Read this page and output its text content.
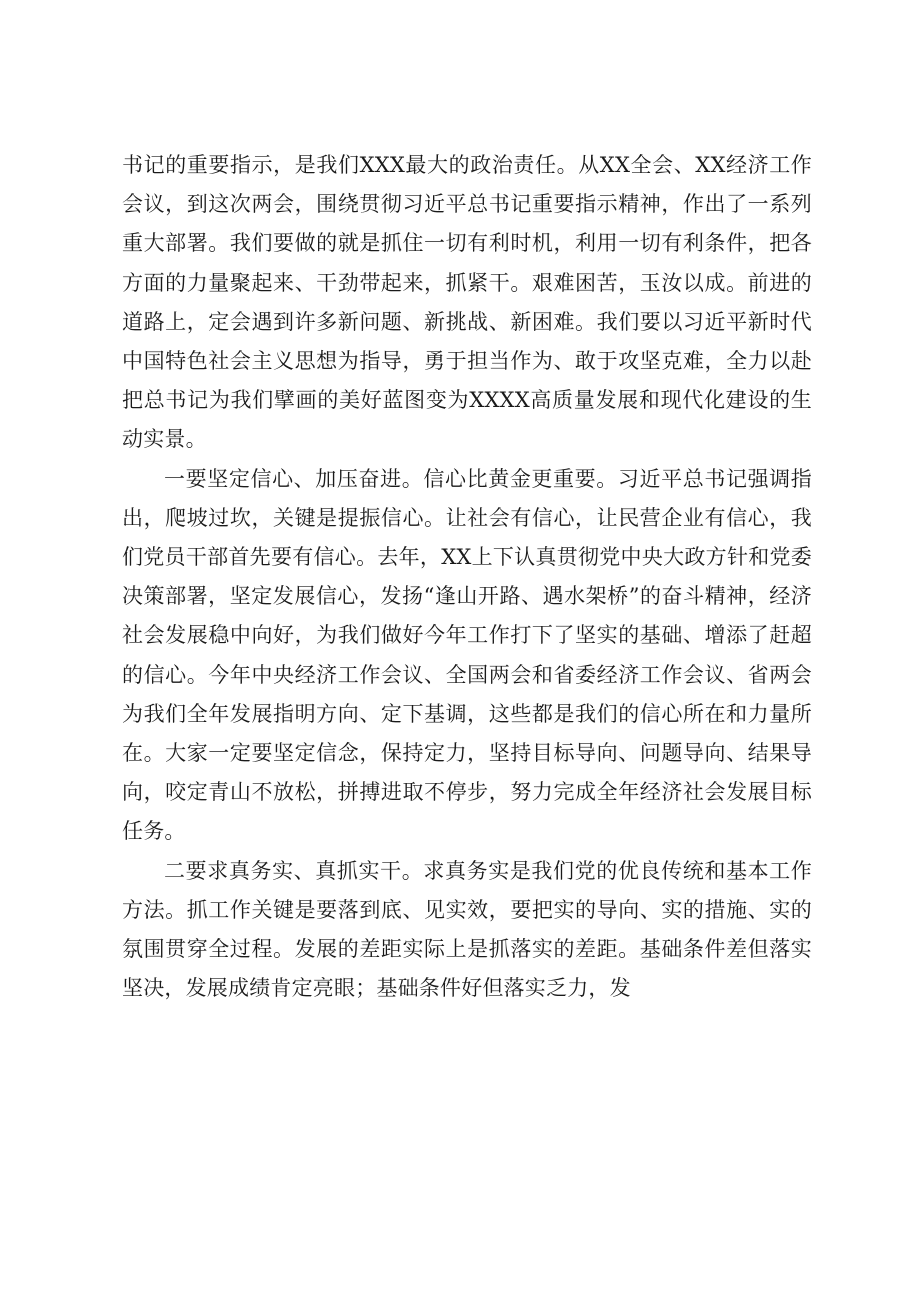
书记的重要指示，是我们XXX最大的政治责任。从XX全会、XX经济工作会议，到这次两会，围绕贯彻习近平总书记重要指示精神，作出了一系列重大部署。我们要做的就是抓住一切有利时机，利用一切有利条件，把各方面的力量聚起来、干劲带起来，抓紧干。艰难困苦，玉汝以成。前进的道路上，定会遇到许多新问题、新挑战、新困难。我们要以习近平新时代中国特色社会主义思想为指导，勇于担当作为、敢于攻坚克难，全力以赴把总书记为我们擘画的美好蓝图变为XXXX高质量发展和现代化建设的生动实景。

一要坚定信心、加压奋进。信心比黄金更重要。习近平总书记强调指出，爬坡过坎，关键是提振信心。让社会有信心，让民营企业有信心，我们党员干部首先要有信心。去年，XX上下认真贯彻党中央大政方针和党委决策部署，坚定发展信心，发扬“逢山开路、遇水架桥”的奋斗精神，经济社会发展稳中向好，为我们做好今年工作打下了坚实的基础、增添了赶超的信心。今年中央经济工作会议、全国两会和省委经济工作会议、省两会为我们全年发展指明方向、定下基调，这些都是我们的信心所在和力量所在。大家一定要坚定信念，保持定力，坚持目标导向、问题导向、结果导向，咬定青山不放松，拼搏进取不停步，努力完成全年经济社会发展目标任务。

二要求真务实、真抓实干。求真务实是我们党的优良传统和基本工作方法。抓工作关键是要落到底、见实效，要把实的导向、实的措施、实的氛围贯穿全过程。发展的差距实际上是抓落实的差距。基础条件差但落实坚决，发展成绩肯定亮眼；基础条件好但落实乏力，发
